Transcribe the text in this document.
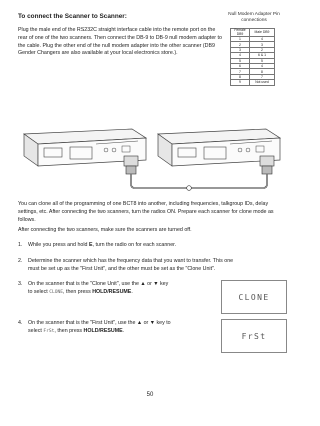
To connect the Scanner to Scanner:

Plug the male end of the RS232C straight interface cable into the remote port on the rear of one of the two scanners. Then connect the DB-9 to DB-9 null modem adapter to the cable. Plug the other end of the null modem adapter into the other scanner (DB9 Gender Changers are also available at your local electronics store.).

Null Modem Adapter Pin connections
Female DB9	Male DB9
1	4
2	3
3	2
4	6 & 1
5	5
6	4
7	8
8	7
9	Not used

You can clone all of the programming of one BCT8 into another, including frequencies, talkgroup IDs, delay settings, etc. After connecting the two scanners, turn the radios ON. Prepare each scanner for clone mode as follows.

After connecting the two scanners, make sure the scanners are turned off.

1. While you press and hold E, turn the radio on for each scanner.
2. Determine the scanner which has the frequency data that you want to transfer. This one
must be set up as the "First Unit", and the other must be set as the "Clone Unit".
3. On the scanner that is the "Clone Unit", use the ▲ or ▼ key
to select CLONE, then press HOLD/RESUME.
CLONE
4. On the scanner that is the "First Unit", use the ▲ or ▼ key to
select FrSt, then press HOLD/RESUME.
FrSt
50
